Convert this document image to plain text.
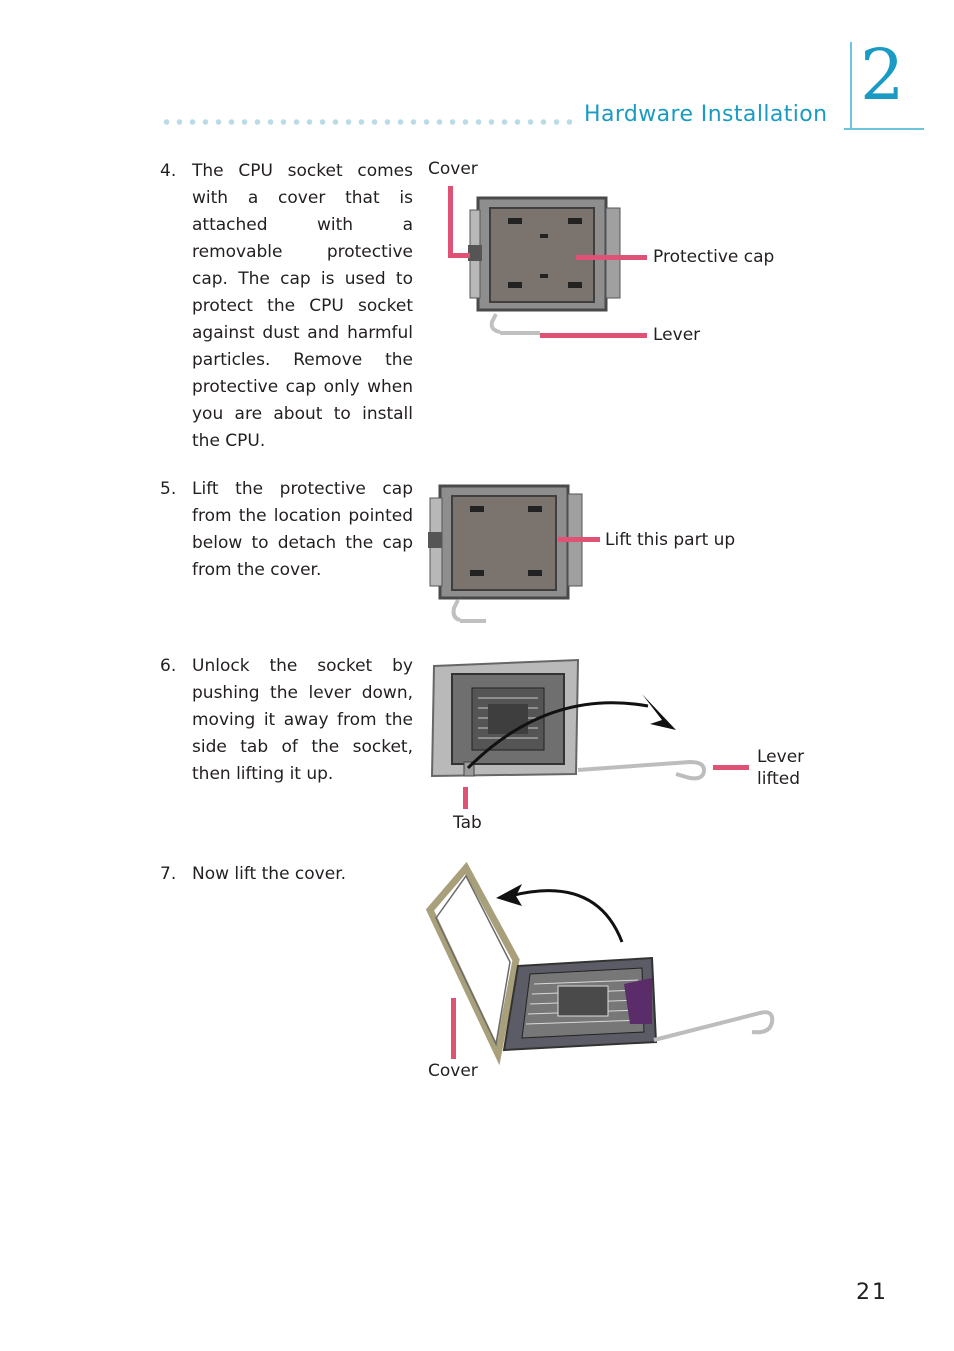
Hardware Installation 2
4. The CPU socket comes with a cover that is attached with a removable protective cap. The cap is used to protect the CPU socket against dust and harmful particles. Remove the protective cap only when you are about to install the CPU.
Cover
Protective cap
Lever
5. Lift the protective cap from the location pointed below to detach the cap from the cover.
Lift this part up
6. Unlock the socket by pushing the lever down, moving it away from the side tab of the socket, then lifting it up.
Lever
lifted
Tab
7. Now lift the cover.
Cover
21
